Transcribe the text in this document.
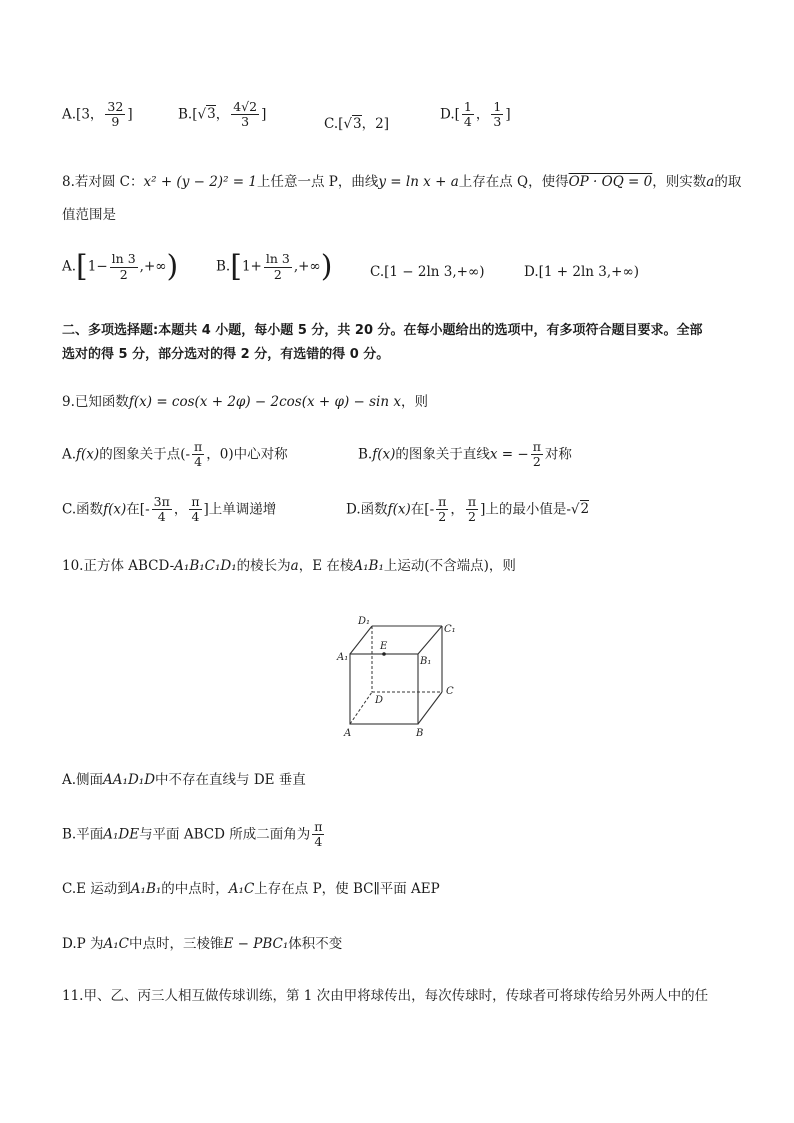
A.[3， $\frac{32}{9}$ ]	B.[√3， $\frac{4√2}{3}$ ]
C.[√3，2]
$D.[ \frac{1}{4}$ ， $\frac{1}{3}$ ]
8.若对圆 C：x² + (y − 2)² = 1上任意一点 P，曲线y = ln x + a上存在点 Q，使得OP · OQ = 0，则实数a的取
值范围是
$A.[1- \frac{\ln 3}{2}$ ,+∞)	$B.[1+ \frac{\ln 3}{2}$ ,+∞)	C.[1 − 2ln 3,+∞)	D.[1 + 2ln 3,+∞)
二、多项选择题:本题共 4 小题，每小题 5 分，共 20 分。在每小题给出的选项中，有多项符合题目要求。全部
选对的得 5 分，部分选对的得 2 分，有选错的得 0 分。
9.已知函数f(x) = cos(x + 2φ) − 2cos(x + φ) − sin x，则
A.f(x)的图象关于点(- $\frac{\pi}{4}$ ，0)中心对称	B.f(x)的图象关于直线x = − $\frac{\pi}{2}$ 对称
C.函数f(x)在[- $\frac{3\pi}{4}$ ， $\frac{\pi}{4}$ ]上单调递增	D.函数f(x)在[- $\frac{\pi}{2}$ ， $\frac{\pi}{2}$ ]上的最小值是-√2
10.正方体 ABCD-A₁B₁C₁D₁的棱长为a，E 在棱A₁B₁上运动(不含端点)，则
D₁
C₁
A₁
E
B₁
C
D
A	B
A.侧面AA₁D₁D中不存在直线与 DE 垂直
B.平面A₁DE与平面 ABCD 所成二面角为 $\frac{\pi}{4}$
C.E 运动到A₁B₁的中点时，A₁C上存在点 P，使 BC∥平面 AEP
D.P 为A₁C中点时，三棱锥E − PBC₁体积不变
11.甲、乙、丙三人相互做传球训练，第 1 次由甲将球传出，每次传球时，传球者可将球传给另外两人中的任
